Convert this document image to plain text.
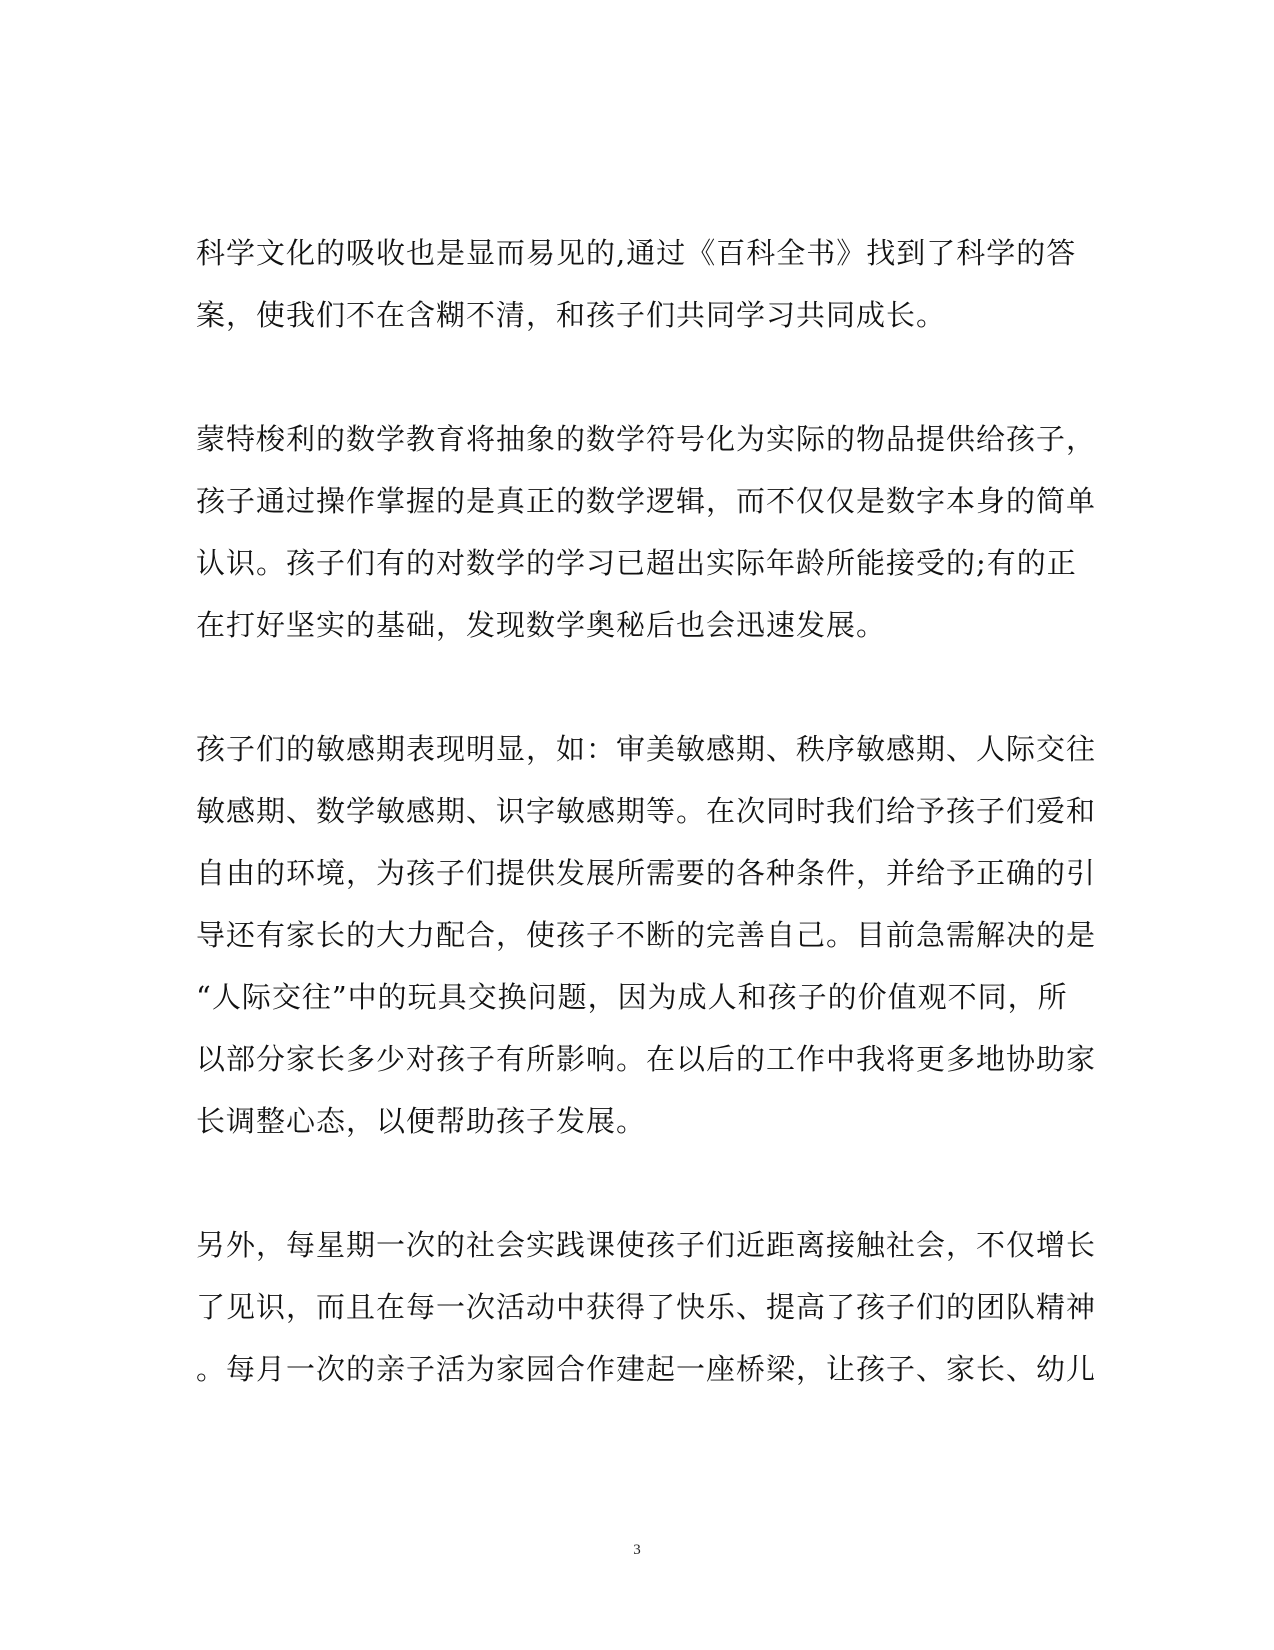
科学文化的吸收也是显而易见的,通过《百科全书》找到了科学的答
案，使我们不在含糊不清，和孩子们共同学习共同成长。
蒙特梭利的数学教育将抽象的数学符号化为实际的物品提供给孩子，
孩子通过操作掌握的是真正的数学逻辑，而不仅仅是数字本身的简单
认识。孩子们有的对数学的学习已超出实际年龄所能接受的;有的正
在打好坚实的基础，发现数学奥秘后也会迅速发展。
孩子们的敏感期表现明显，如：审美敏感期、秩序敏感期、人际交往
敏感期、数学敏感期、识字敏感期等。在次同时我们给予孩子们爱和
自由的环境，为孩子们提供发展所需要的各种条件，并给予正确的引
导还有家长的大力配合，使孩子不断的完善自己。目前急需解决的是
“人际交往”中的玩具交换问题，因为成人和孩子的价值观不同，所
以部分家长多少对孩子有所影响。在以后的工作中我将更多地协助家
长调整心态，以便帮助孩子发展。
另外，每星期一次的社会实践课使孩子们近距离接触社会，不仅增长
了见识，而且在每一次活动中获得了快乐、提高了孩子们的团队精神
。每月一次的亲子活为家园合作建起一座桥梁，让孩子、家长、幼儿
3
